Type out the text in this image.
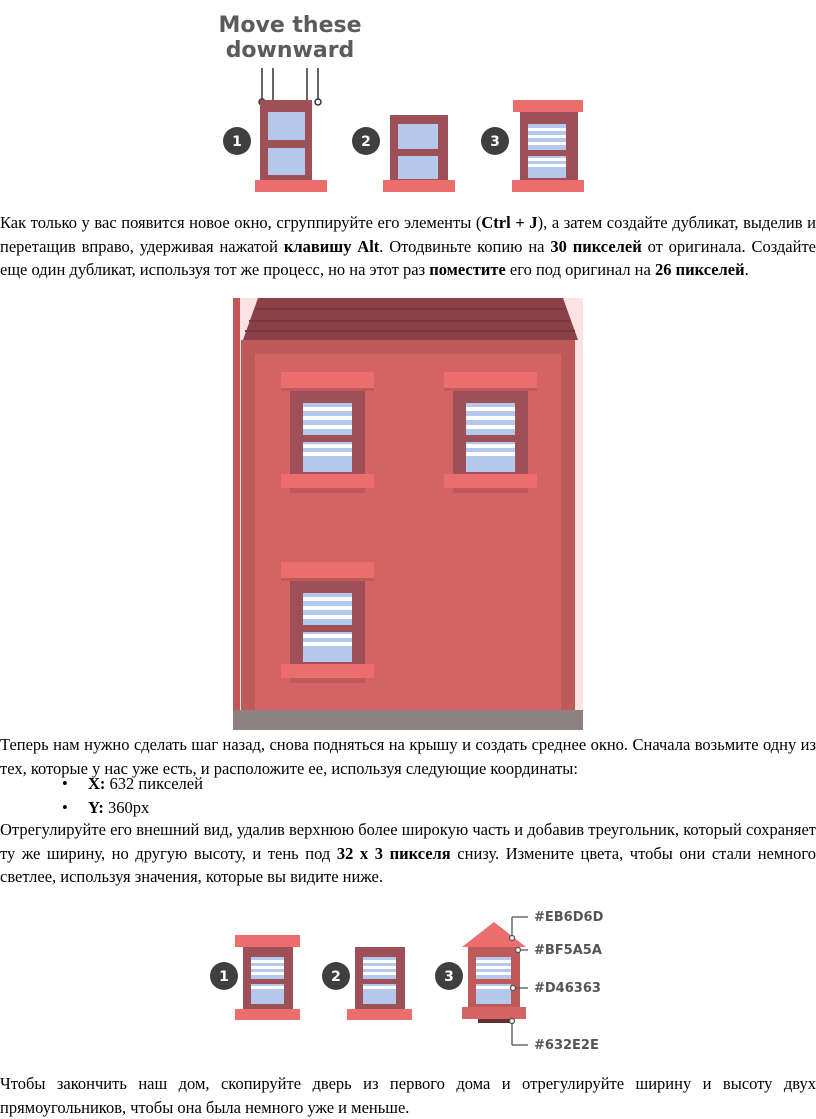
Move these
downward
1	2	3

Как только у вас появится новое окно, сгруппируйте его элементы (Ctrl + J), а затем создайте дубликат, выделив и перетащив вправо, удерживая нажатой клавишу Alt. Отодвиньте копию на 30 пикселей от оригинала. Создайте еще один дубликат, используя тот же процесс, но на этот раз поместите его под оригинал на 26 пикселей.

Теперь нам нужно сделать шаг назад, снова подняться на крышу и создать среднее окно. Сначала возьмите одну из тех, которые у нас уже есть, и расположите ее, используя следующие координаты:

• X: 632 пикселей
• Y: 360px

Отрегулируйте его внешний вид, удалив верхнюю более широкую часть и добавив треугольник, который сохраняет ту же ширину, но другую высоту, и тень под 32 x 3 пикселя снизу. Измените цвета, чтобы они стали немного светлее, используя значения, которые вы видите ниже.

1	2	3
#EB6D6D
#BF5A5A
#D46363
#632E2E

Чтобы закончить наш дом, скопируйте дверь из первого дома и отрегулируйте ширину и высоту двух прямоугольников, чтобы она была немного уже и меньше.
